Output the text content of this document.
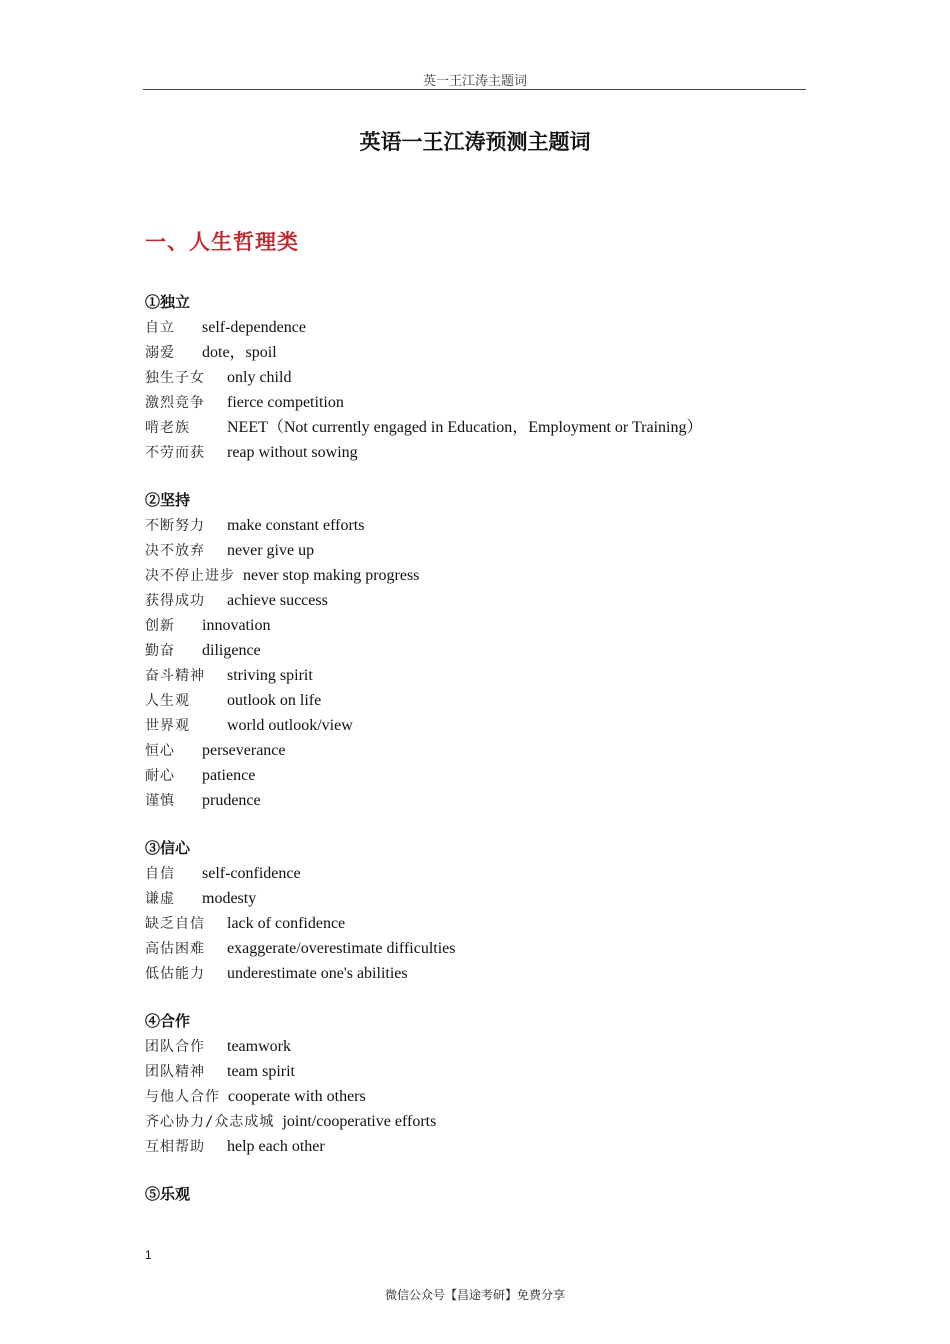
英一王江涛主题词
英语一王江涛预测主题词
一、人生哲理类
①独立
自立	self-dependence
溺爱	dote，spoil
独生子女	only child
激烈竞争	fierce competition
啃老族	NEET（Not currently engaged in Education，Employment or Training）
不劳而获	reap without sowing
②坚持
不断努力	make constant efforts
决不放弃	never give up
决不停止进步 never stop making progress
获得成功	achieve success
创新	innovation
勤奋	diligence
奋斗精神	striving spirit
人生观	outlook on life
世界观	world outlook/view
恒心	perseverance
耐心	patience
谨慎	prudence
③信心
自信	self-confidence
谦虚	modesty
缺乏自信	lack of confidence
高估困难	exaggerate/overestimate difficulties
低估能力	underestimate one's abilities
④合作
团队合作	teamwork
团队精神	team spirit
与他人合作 cooperate with others
齐心协力/众志成城 joint/cooperative efforts
互相帮助	help each other
⑤乐观
1
微信公众号【昌途考研】免费分享
